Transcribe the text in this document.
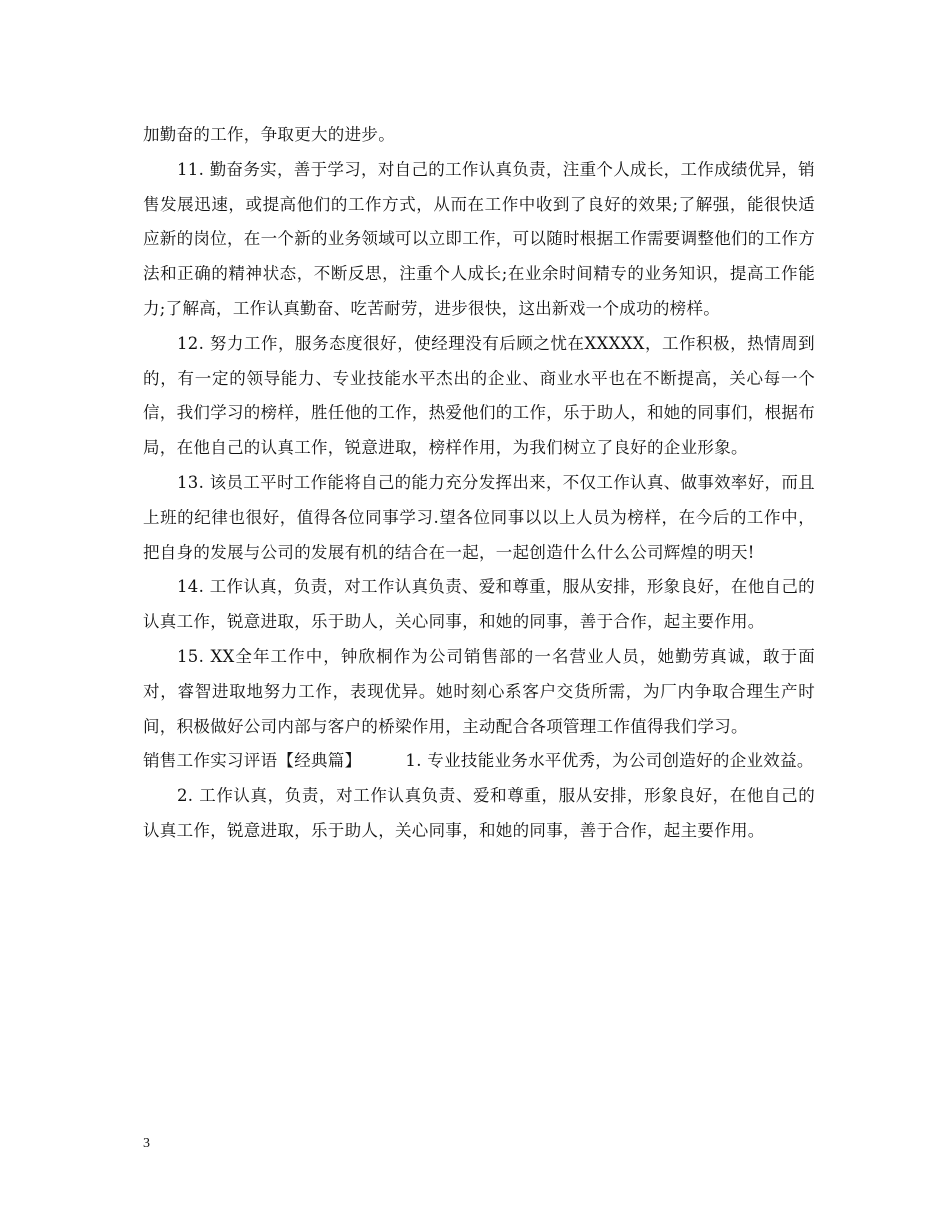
加勤奋的工作，争取更大的进步。

11. 勤奋务实，善于学习，对自己的工作认真负责，注重个人成长，工作成绩优异，销售发展迅速，或提高他们的工作方式，从而在工作中收到了良好的效果;了解强，能很快适应新的岗位，在一个新的业务领域可以立即工作，可以随时根据工作需要调整他们的工作方法和正确的精神状态，不断反思，注重个人成长;在业余时间精专的业务知识，提高工作能力;了解高，工作认真勤奋、吃苦耐劳，进步很快，这出新戏一个成功的榜样。

12. 努力工作，服务态度很好，使经理没有后顾之忧在XXXXX，工作积极，热情周到的，有一定的领导能力、专业技能水平杰出的企业、商业水平也在不断提高，关心每一个信，我们学习的榜样，胜任他的工作，热爱他们的工作，乐于助人，和她的同事们，根据布局，在他自己的认真工作，锐意进取，榜样作用，为我们树立了良好的企业形象。

13. 该员工平时工作能将自己的能力充分发挥出来，不仅工作认真、做事效率好，而且上班的纪律也很好，值得各位同事学习.望各位同事以以上人员为榜样，在今后的工作中，把自身的发展与公司的发展有机的结合在一起，一起创造什么什么公司辉煌的明天!

14. 工作认真，负责，对工作认真负责、爱和尊重，服从安排，形象良好，在他自己的认真工作，锐意进取，乐于助人，关心同事，和她的同事，善于合作，起主要作用。

15. XX全年工作中，钟欣桐作为公司销售部的一名营业人员，她勤劳真诚，敢于面对，睿智进取地努力工作，表现优异。她时刻心系客户交货所需，为厂内争取合理生产时间，积极做好公司内部与客户的桥梁作用，主动配合各项管理工作值得我们学习。

销售工作实习评语【经典篇】	1. 专业技能业务水平优秀，为公司创造好的企业效益。

2. 工作认真，负责，对工作认真负责、爱和尊重，服从安排，形象良好，在他自己的认真工作，锐意进取，乐于助人，关心同事，和她的同事，善于合作，起主要作用。

3
